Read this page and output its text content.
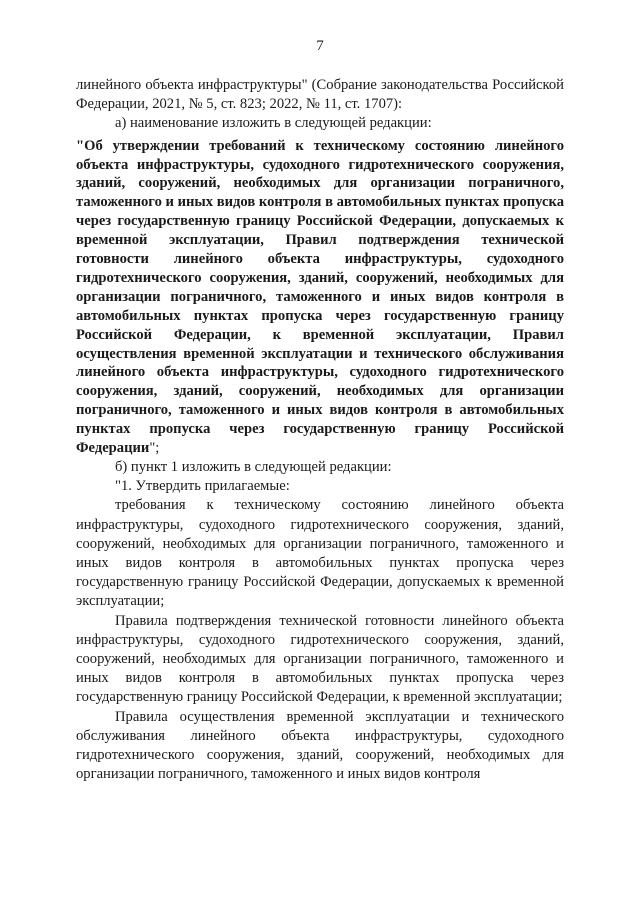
7

линейного объекта инфраструктуры" (Собрание законодательства Российской Федерации, 2021, № 5, ст. 823; 2022, № 11, ст. 1707):

а) наименование изложить в следующей редакции:

"Об утверждении требований к техническому состоянию линейного объекта инфраструктуры, судоходного гидротехнического сооружения, зданий, сооружений, необходимых для организации пограничного, таможенного и иных видов контроля в автомобильных пунктах пропуска через государственную границу Российской Федерации, допускаемых к временной эксплуатации, Правил подтверждения технической готовности линейного объекта инфраструктуры, судоходного гидротехнического сооружения, зданий, сооружений, необходимых для организации пограничного, таможенного и иных видов контроля в автомобильных пунктах пропуска через государственную границу Российской Федерации, к временной эксплуатации, Правил осуществления временной эксплуатации и технического обслуживания линейного объекта инфраструктуры, судоходного гидротехнического сооружения, зданий, сооружений, необходимых для организации пограничного, таможенного и иных видов контроля в автомобильных пунктах пропуска через государственную границу Российской Федерации";

б) пункт 1 изложить в следующей редакции:

"1. Утвердить прилагаемые:

требования к техническому состоянию линейного объекта инфраструктуры, судоходного гидротехнического сооружения, зданий, сооружений, необходимых для организации пограничного, таможенного и иных видов контроля в автомобильных пунктах пропуска через государственную границу Российской Федерации, допускаемых к временной эксплуатации;

Правила подтверждения технической готовности линейного объекта инфраструктуры, судоходного гидротехнического сооружения, зданий, сооружений, необходимых для организации пограничного, таможенного и иных видов контроля в автомобильных пунктах пропуска через государственную границу Российской Федерации, к временной эксплуатации;

Правила осуществления временной эксплуатации и технического обслуживания линейного объекта инфраструктуры, судоходного гидротехнического сооружения, зданий, сооружений, необходимых для организации пограничного, таможенного и иных видов контроля
